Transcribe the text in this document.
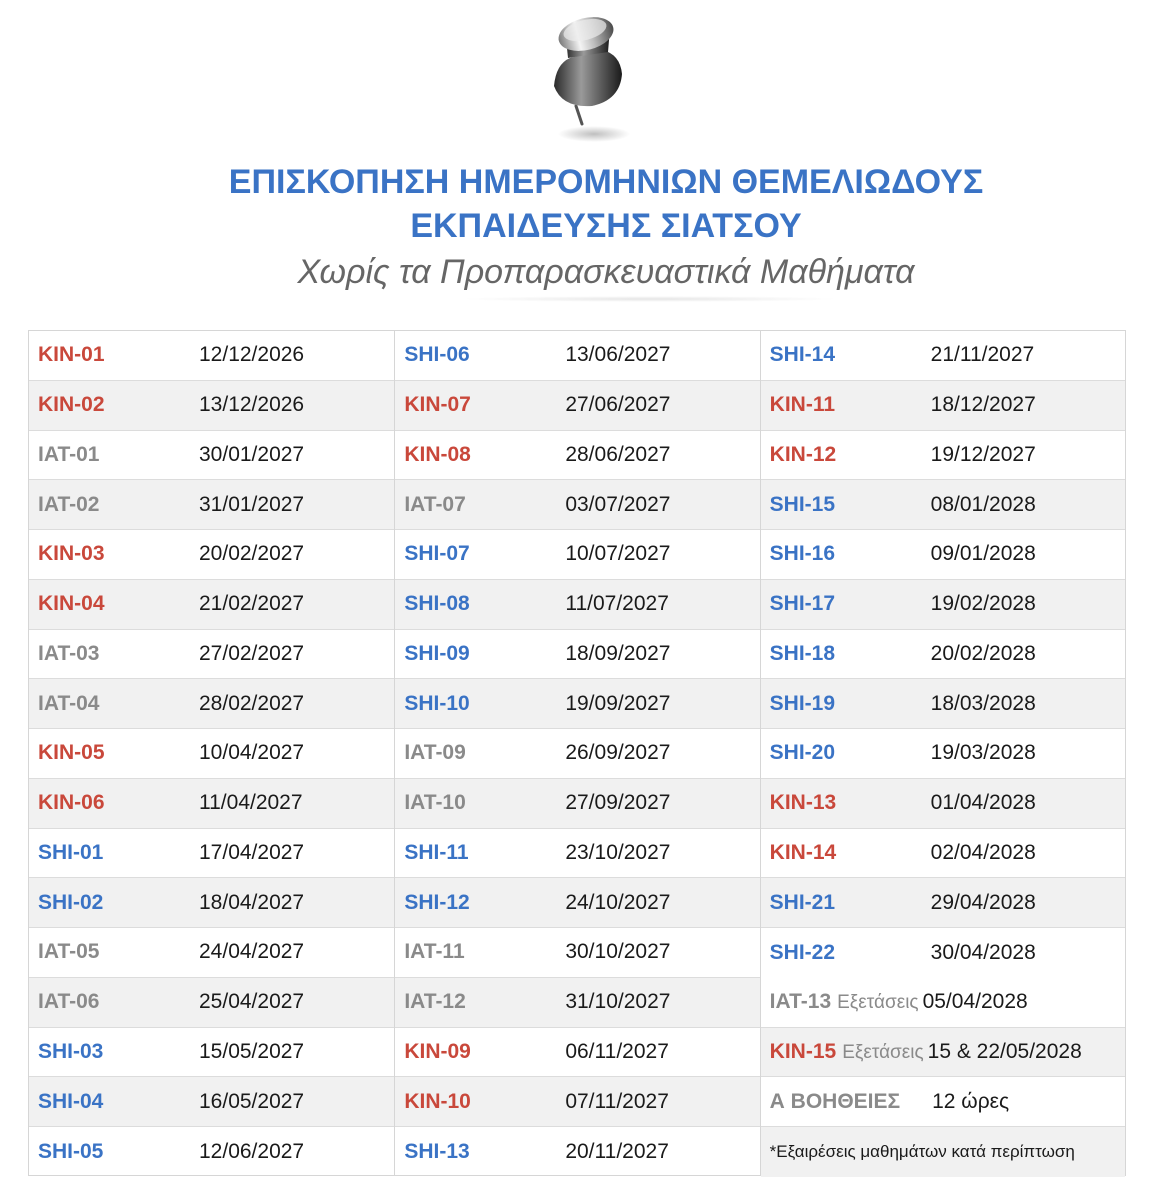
ΕΠΙΣΚΟΠΗΣΗ ΗΜΕΡΟΜΗΝΙΩΝ ΘΕΜΕΛΙΩΔΟΥΣ
ΕΚΠΑΙΔΕΥΣΗΣ ΣΙΑΤΣΟΥ
Χωρίς τα Προπαρασκευαστικά Μαθήματα
KIN-01	12/12/2026
KIN-02	13/12/2026
IAT-01	30/01/2027
IAT-02	31/01/2027
KIN-03	20/02/2027
KIN-04	21/02/2027
IAT-03	27/02/2027
IAT-04	28/02/2027
KIN-05	10/04/2027
KIN-06	11/04/2027
SHI-01	17/04/2027
SHI-02	18/04/2027
IAT-05	24/04/2027
IAT-06	25/04/2027
SHI-03	15/05/2027
SHI-04	16/05/2027
SHI-05	12/06/2027
SHI-06	13/06/2027
KIN-07	27/06/2027
KIN-08	28/06/2027
IAT-07	03/07/2027
SHI-07	10/07/2027
SHI-08	11/07/2027
SHI-09	18/09/2027
SHI-10	19/09/2027
IAT-09	26/09/2027
IAT-10	27/09/2027
SHI-11	23/10/2027
SHI-12	24/10/2027
IAT-11	30/10/2027
IAT-12	31/10/2027
KIN-09	06/11/2027
KIN-10	07/11/2027
SHI-13	20/11/2027
SHI-14	21/11/2027
KIN-11	18/12/2027
KIN-12	19/12/2027
SHI-15	08/01/2028
SHI-16	09/01/2028
SHI-17	19/02/2028
SHI-18	20/02/2028
SHI-19	18/03/2028
SHI-20	19/03/2028
KIN-13	01/04/2028
KIN-14	02/04/2028
SHI-21	29/04/2028
SHI-22	30/04/2028
IAT-13 Εξετάσεις 05/04/2028
KIN-15 Εξετάσεις 15 & 22/05/2028
Α ΒΟΗΘΕΙΕΣ 12 ώρες
*Εξαιρέσεις μαθημάτων κατά περίπτωση
